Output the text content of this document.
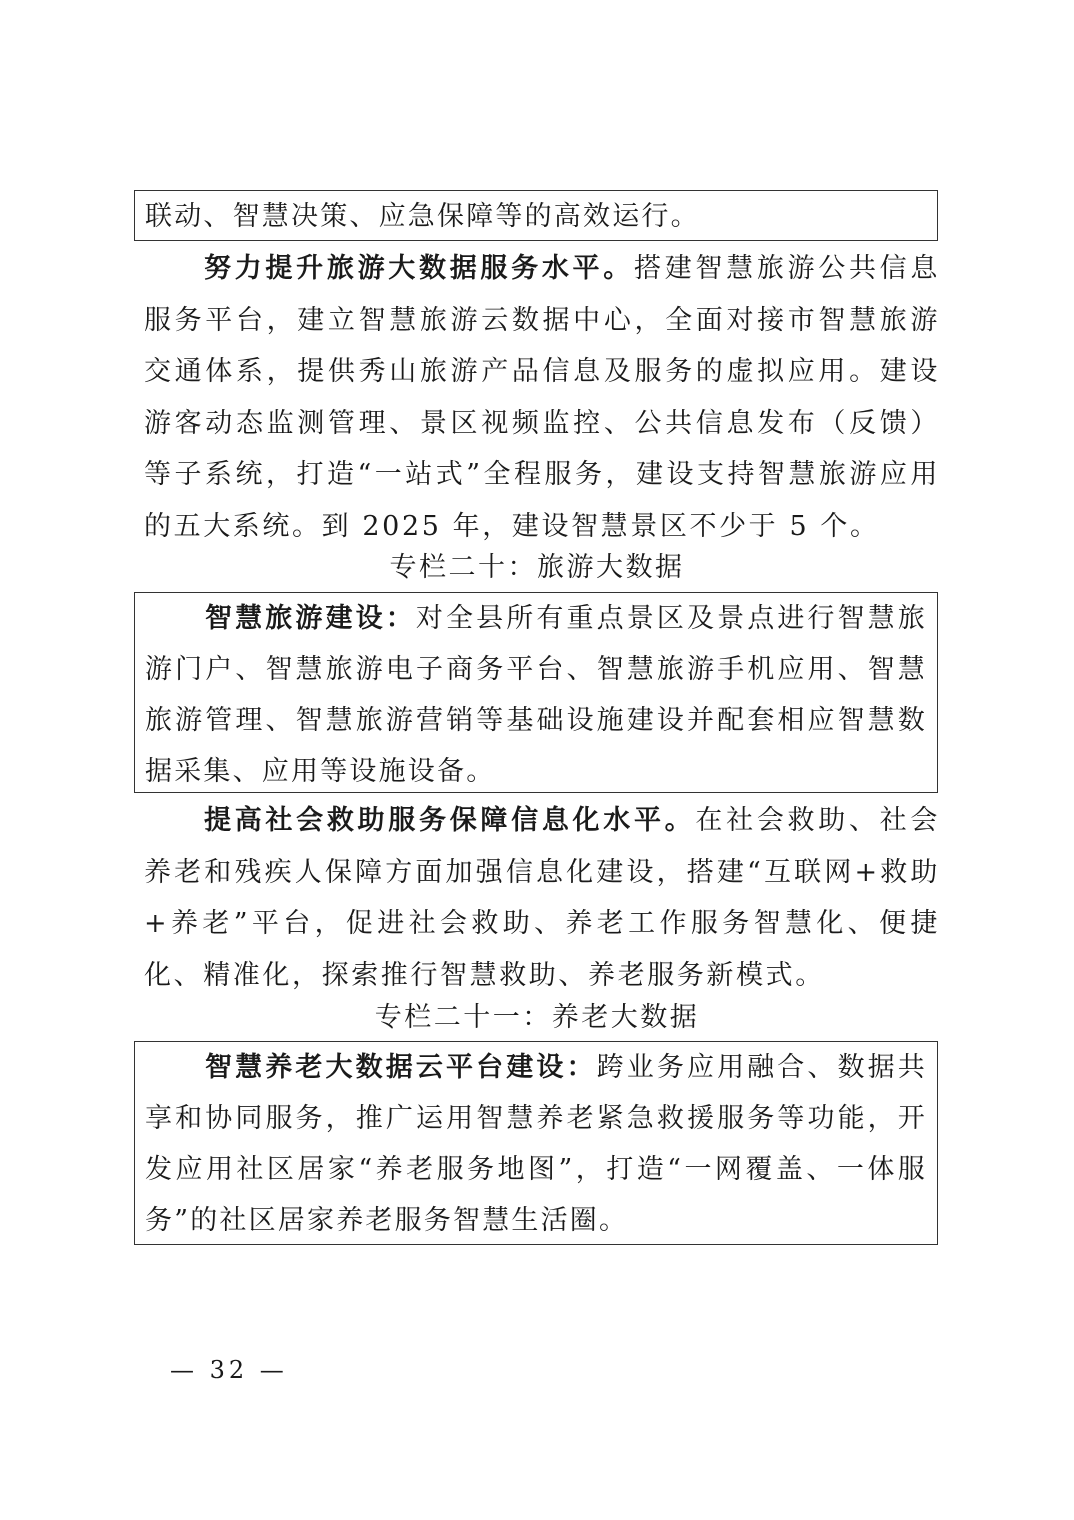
联动、智慧决策、应急保障等的高效运行。

努力提升旅游大数据服务水平。搭建智慧旅游公共信息服务平台，建立智慧旅游云数据中心，全面对接市智慧旅游交通体系，提供秀山旅游产品信息及服务的虚拟应用。建设游客动态监测管理、景区视频监控、公共信息发布（反馈）等子系统，打造“一站式”全程服务，建设支持智慧旅游应用的五大系统。到 2025 年，建设智慧景区不少于 5 个。

专栏二十：旅游大数据

智慧旅游建设：对全县所有重点景区及景点进行智慧旅游门户、智慧旅游电子商务平台、智慧旅游手机应用、智慧旅游管理、智慧旅游营销等基础设施建设并配套相应智慧数据采集、应用等设施设备。

提高社会救助服务保障信息化水平。在社会救助、社会养老和残疾人保障方面加强信息化建设，搭建“互联网+救助+养老”平台，促进社会救助、养老工作服务智慧化、便捷化、精准化，探索推行智慧救助、养老服务新模式。

专栏二十一：养老大数据

智慧养老大数据云平台建设：跨业务应用融合、数据共享和协同服务，推广运用智慧养老紧急救援服务等功能，开发应用社区居家“养老服务地图”，打造“一网覆盖、一体服务”的社区居家养老服务智慧生活圈。

— 32 —
